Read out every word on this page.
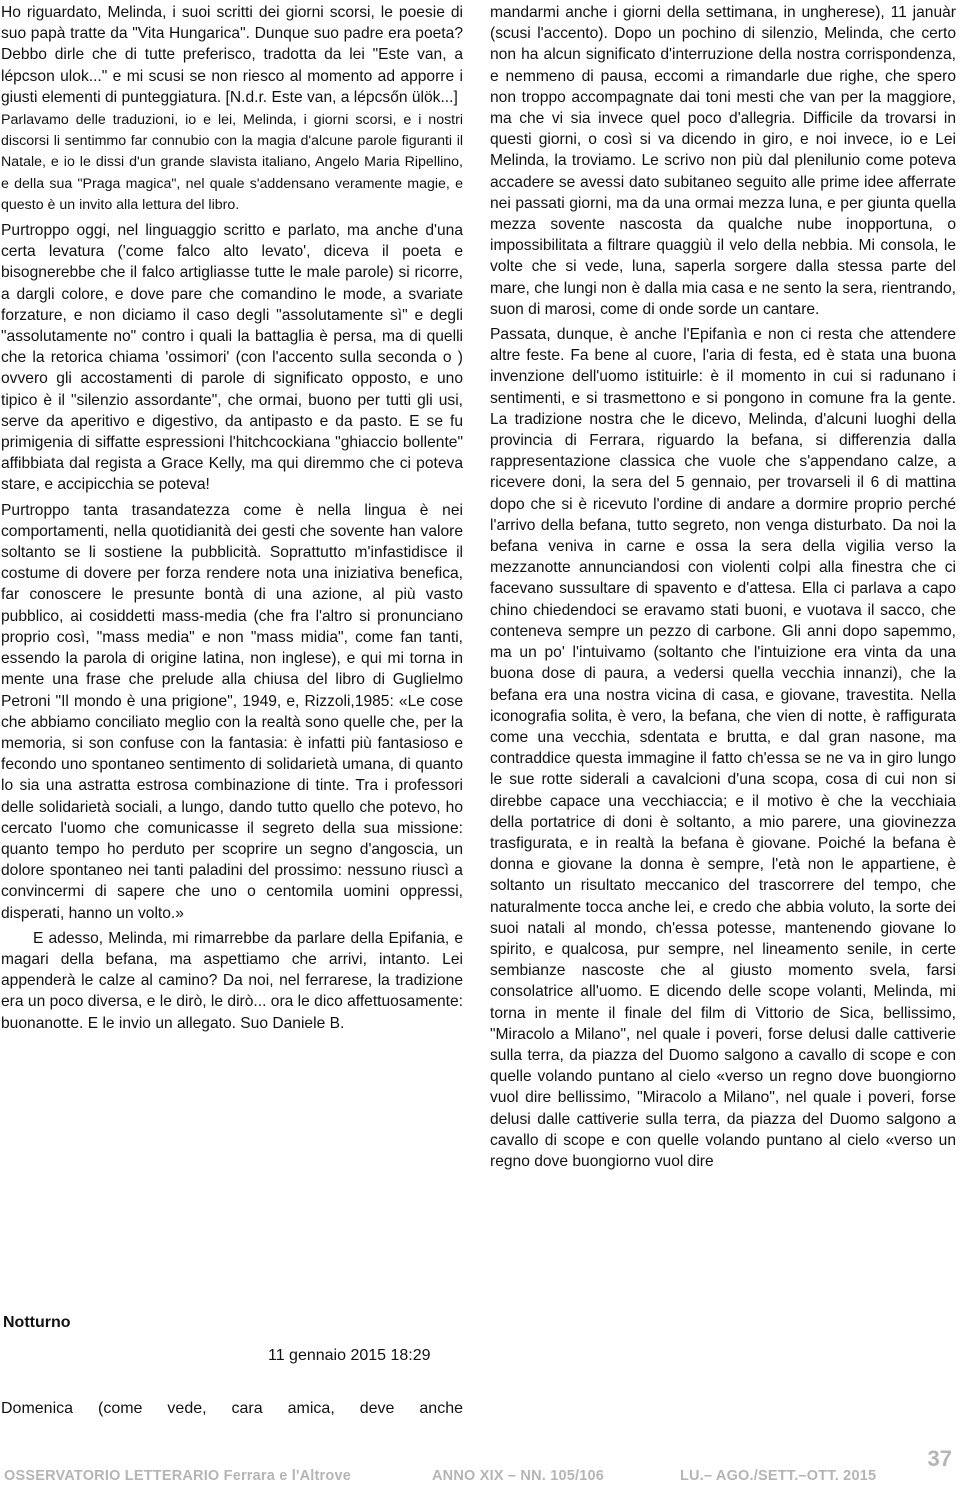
Ho riguardato, Melinda, i suoi scritti dei giorni scorsi, le poesie di suo papà tratte da "Vita Hungarica". Dunque suo padre era poeta? Debbo dirle che di tutte preferisco, tradotta da lei "Este van, a lépcson ulok..." e mi scusi se non riesco al momento ad apporre i giusti elementi di punteggiatura. [N.d.r. Este van, a lépcsőn ülök...]

Parlavamo delle traduzioni, io e lei, Melinda, i giorni scorsi, e i nostri discorsi li sentimmo far connubio con la magia d'alcune parole figuranti il Natale, e io le dissi d'un grande slavista italiano, Angelo Maria Ripellino, e della sua "Praga magica", nel quale s'addensano veramente magie, e questo è un invito alla lettura del libro.

Purtroppo oggi, nel linguaggio scritto e parlato, ma anche d'una certa levatura ('come falco alto levato', diceva il poeta e bisognerebbe che il falco artigliasse tutte le male parole) si ricorre, a dargli colore, e dove pare che comandino le mode, a svariate forzature, e non diciamo il caso degli "assolutamente sì" e degli "assolutamente no" contro i quali la battaglia è persa, ma di quelli che la retorica chiama 'ossimori' (con l'accento sulla seconda o ) ovvero gli accostamenti di parole di significato opposto, e uno tipico è il "silenzio assordante", che ormai, buono per tutti gli usi, serve da aperitivo e digestivo, da antipasto e da pasto. E se fu primigenia di siffatte espressioni l'hitchcockiana "ghiaccio bollente" affibbiata dal regista a Grace Kelly, ma qui diremmo che ci poteva stare, e accipicchia se poteva!

Purtroppo tanta trasandatezza come è nella lingua è nei comportamenti, nella quotidianità dei gesti che sovente han valore soltanto se li sostiene la pubblicità. Soprattutto m'infastidisce il costume di dovere per forza rendere nota una iniziativa benefica, far conoscere le presunte bontà di una azione, al più vasto pubblico, ai cosiddetti mass-media (che fra l'altro si pronunciano proprio così, "mass media" e non "mass midia", come fan tanti, essendo la parola di origine latina, non inglese), e qui mi torna in mente una frase che prelude alla chiusa del libro di Guglielmo Petroni "Il mondo è una prigione", 1949, e, Rizzoli,1985: «Le cose che abbiamo conciliato meglio con la realtà sono quelle che, per la memoria, si son confuse con la fantasia: è infatti più fantasioso e fecondo uno spontaneo sentimento di solidarietà umana, di quanto lo sia una astratta estrosa combinazione di tinte. Tra i professori delle solidarietà sociali, a lungo, dando tutto quello che potevo, ho cercato l'uomo che comunicasse il segreto della sua missione: quanto tempo ho perduto per scoprire un segno d'angoscia, un dolore spontaneo nei tanti paladini del prossimo: nessuno riuscì a convincermi di sapere che uno o centomila uomini oppressi, disperati, hanno un volto.»

E adesso, Melinda, mi rimarrebbe da parlare della Epifania, e magari della befana, ma aspettiamo che arrivi, intanto. Lei appenderà le calze al camino? Da noi, nel ferrarese, la tradizione era un poco diversa, e le dirò, le dirò... ora le dico affettuosamente: buonanotte. E le invio un allegato. Suo Daniele B.

Notturno
11 gennaio 2015 18:29
Domenica (come vede, cara amica, deve anche

mandarmi anche i giorni della settimana, in ungherese), 11 januàr (scusi l'accento). Dopo un pochino di silenzio, Melinda, che certo non ha alcun significato d'interruzione della nostra corrispondenza, e nemmeno di pausa, eccomi a rimandarle due righe, che spero non troppo accompagnate dai toni mesti che van per la maggiore, ma che vi sia invece quel poco d'allegria. Difficile da trovarsi in questi giorni, o così si va dicendo in giro, e noi invece, io e Lei Melinda, la troviamo. Le scrivo non più dal plenilunio come poteva accadere se avessi dato subitaneo seguito alle prime idee afferrate nei passati giorni, ma da una ormai mezza luna, e per giunta quella mezza sovente nascosta da qualche nube inopportuna, o impossibilitata a filtrare quaggiù il velo della nebbia. Mi consola, le volte che si vede, luna, saperla sorgere dalla stessa parte del mare, che lungi non è dalla mia casa e ne sento la sera, rientrando, suon di marosi, come di onde sorde un cantare.

Passata, dunque, è anche l'Epifanìa e non ci resta che attendere altre feste. Fa bene al cuore, l'aria di festa, ed è stata una buona invenzione dell'uomo istituirle: è il momento in cui si radunano i sentimenti, e si trasmettono e si pongono in comune fra la gente. La tradizione nostra che le dicevo, Melinda, d'alcuni luoghi della provincia di Ferrara, riguardo la befana, si differenzia dalla rappresentazione classica che vuole che s'appendano calze, a ricevere doni, la sera del 5 gennaio, per trovarseli il 6 di mattina dopo che si è ricevuto l'ordine di andare a dormire proprio perché l'arrivo della befana, tutto segreto, non venga disturbato. Da noi la befana veniva in carne e ossa la sera della vigilia verso la mezzanotte annunciandosi con violenti colpi alla finestra che ci facevano sussultare di spavento e d'attesa. Ella ci parlava a capo chino chiedendoci se eravamo stati buoni, e vuotava il sacco, che conteneva sempre un pezzo di carbone. Gli anni dopo sapemmo, ma un po' l'intuivamo (soltanto che l'intuizione era vinta da una buona dose di paura, a vedersi quella vecchia innanzi), che la befana era una nostra vicina di casa, e giovane, travestita. Nella iconografia solita, è vero, la befana, che vien di notte, è raffigurata come una vecchia, sdentata e brutta, e dal gran nasone, ma contraddice questa immagine il fatto ch'essa se ne va in giro lungo le sue rotte siderali a cavalcioni d'una scopa, cosa di cui non si direbbe capace una vecchiaccia; e il motivo è che la vecchiaia della portatrice di doni è soltanto, a mio parere, una giovinezza trasfigurata, e in realtà la befana è giovane. Poiché la befana è donna e giovane la donna è sempre, l'età non le appartiene, è soltanto un risultato meccanico del trascorrere del tempo, che naturalmente tocca anche lei, e credo che abbia voluto, la sorte dei suoi natali al mondo, ch'essa potesse, mantenendo giovane lo spirito, e qualcosa, pur sempre, nel lineamento senile, in certe sembianze nascoste che al giusto momento svela, farsi consolatrice all'uomo. E dicendo delle scope volanti, Melinda, mi torna in mente il finale del film di Vittorio de Sica, bellissimo, "Miracolo a Milano", nel quale i poveri, forse delusi dalle cattiverie sulla terra, da piazza del Duomo salgono a cavallo di scope e con quelle volando puntano al cielo «verso un regno dove buongiorno vuol dire bellissimo, "Miracolo a Milano", nel quale i poveri, forse delusi dalle cattiverie sulla terra, da piazza del Duomo salgono a cavallo di scope e con quelle volando puntano al cielo «verso un regno dove buongiorno vuol dire

OSSERVATORIO LETTERARIO Ferrara e l'Altrove	ANNO XIX – NN. 105/106	LU.– AGO./SETT.–OTT. 2015
37
